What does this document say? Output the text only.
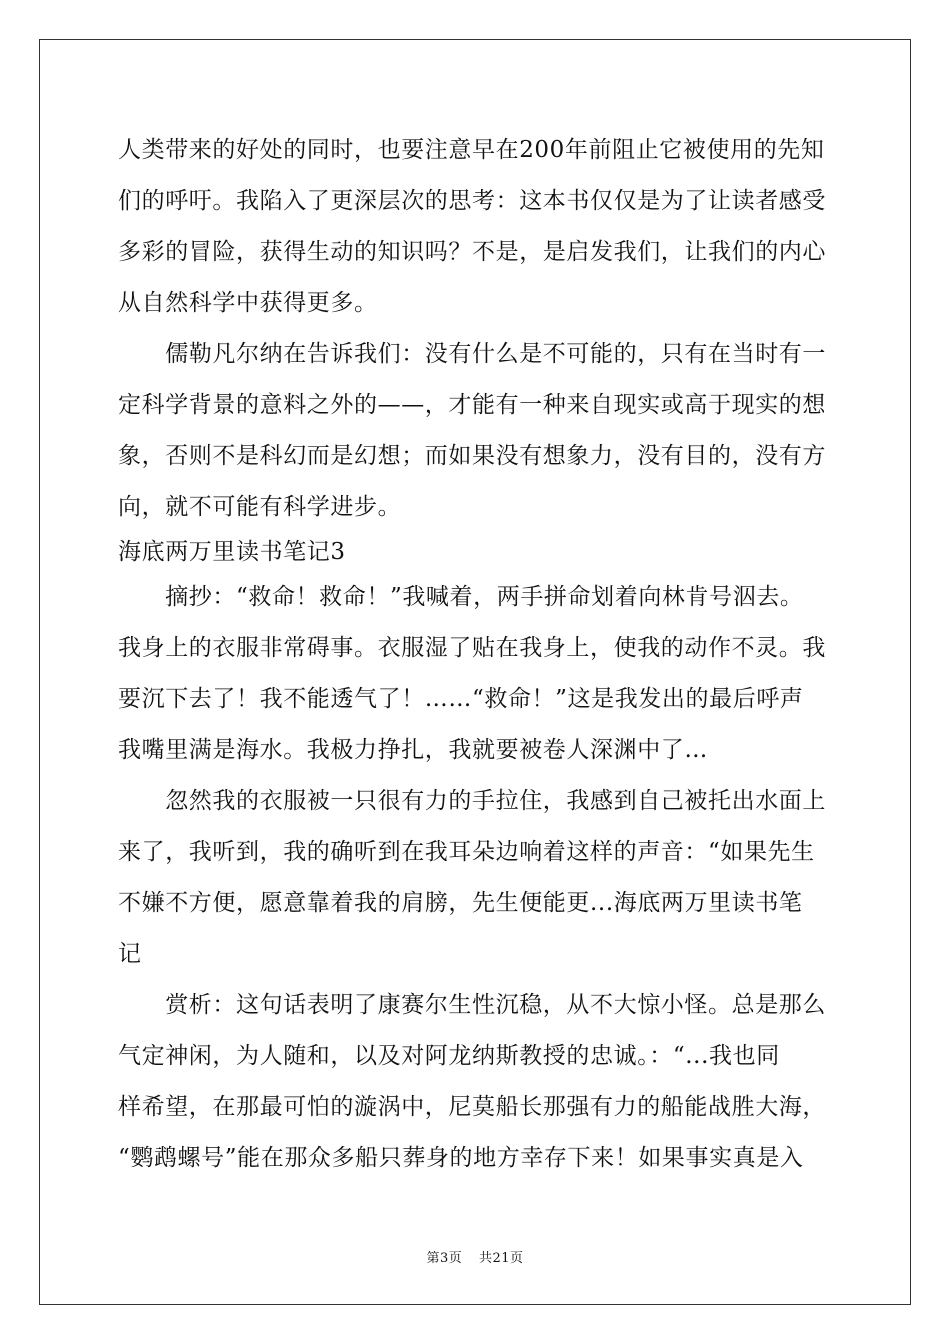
人类带来的好处的同时，也要注意早在200年前阻止它被使用的先知
们的呼吁。我陷入了更深层次的思考：这本书仅仅是为了让读者感受
多彩的冒险，获得生动的知识吗？不是，是启发我们，让我们的内心
从自然科学中获得更多。
　　儒勒凡尔纳在告诉我们：没有什么是不可能的，只有在当时有一
定科学背景的意料之外的——，才能有一种来自现实或高于现实的想
象，否则不是科幻而是幻想；而如果没有想象力，没有目的，没有方
向，就不可能有科学进步。
海底两万里读书笔记3
　　摘抄：“救命！救命！”我喊着，两手拼命划着向林肯号泅去。
我身上的衣服非常碍事。衣服湿了贴在我身上，使我的动作不灵。我
要沉下去了！我不能透气了！……“救命！”这是我发出的最后呼声
我嘴里满是海水。我极力挣扎，我就要被卷人深渊中了…
　　忽然我的衣服被一只很有力的手拉住，我感到自己被托出水面上
来了，我听到，我的确听到在我耳朵边响着这样的声音：“如果先生
不嫌不方便，愿意靠着我的肩膀，先生便能更...海底两万里读书笔
记
　　赏析：这句话表明了康赛尔生性沉稳，从不大惊小怪。总是那么
气定神闲，为人随和，以及对阿龙纳斯教授的忠诚。：“...我也同
样希望，在那最可怕的漩涡中，尼莫船长那强有力的船能战胜大海，
“鹦鹉螺号”能在那众多船只葬身的地方幸存下来！如果事实真是入
第3页 共21页
